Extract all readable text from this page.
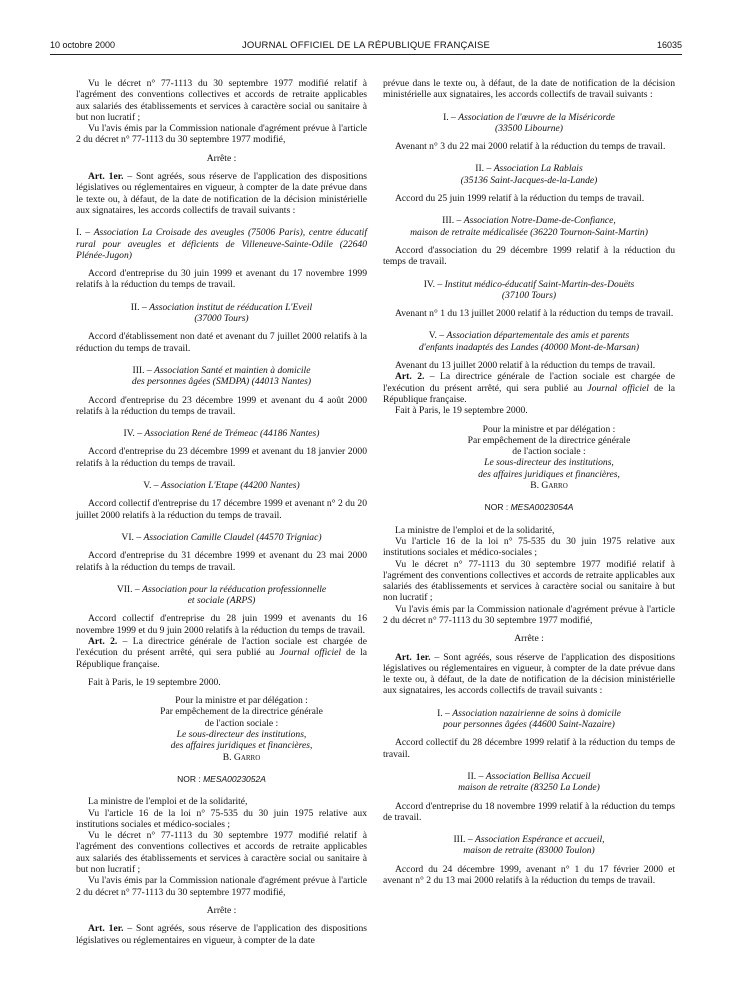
10 octobre 2000	JOURNAL OFFICIEL DE LA RÉPUBLIQUE FRANÇAISE	16035

Vu le décret n° 77-1113 du 30 septembre 1977 modifié relatif à l'agrément des conventions collectives et accords de retraite applicables aux salariés des établissements et services à caractère social ou sanitaire à but non lucratif ;

Vu l'avis émis par la Commission nationale d'agrément prévue à l'article 2 du décret n° 77-1113 du 30 septembre 1977 modifié,

Arrête :

Art. 1er. – Sont agréés, sous réserve de l'application des dispositions législatives ou réglementaires en vigueur, à compter de la date prévue dans le texte ou, à défaut, de la date de notification de la décision ministérielle aux signataires, les accords collectifs de travail suivants :

I. – Association La Croisade des aveugles (75006 Paris), centre éducatif rural pour aveugles et déficients de Villeneuve-Sainte-Odile (22640 Plénée-Jugon)

Accord d'entreprise du 30 juin 1999 et avenant du 17 novembre 1999 relatifs à la réduction du temps de travail.

II. – Association institut de rééducation L'Eveil
(37000 Tours)

Accord d'établissement non daté et avenant du 7 juillet 2000 relatifs à la réduction du temps de travail.

III. – Association Santé et maintien à domicile
des personnes âgées (SMDPA) (44013 Nantes)

Accord d'entreprise du 23 décembre 1999 et avenant du 4 août 2000 relatifs à la réduction du temps de travail.

IV. – Association René de Trémeac (44186 Nantes)

Accord d'entreprise du 23 décembre 1999 et avenant du 18 janvier 2000 relatifs à la réduction du temps de travail.

V. – Association L'Etape (44200 Nantes)

Accord collectif d'entreprise du 17 décembre 1999 et avenant n° 2 du 20 juillet 2000 relatifs à la réduction du temps de travail.

VI. – Association Camille Claudel (44570 Trigniac)

Accord d'entreprise du 31 décembre 1999 et avenant du 23 mai 2000 relatifs à la réduction du temps de travail.

VII. – Association pour la rééducation professionnelle
et sociale (ARPS)

Accord collectif d'entreprise du 28 juin 1999 et avenants du 16 novembre 1999 et du 9 juin 2000 relatifs à la réduction du temps de travail.

Art. 2. – La directrice générale de l'action sociale est chargée de l'exécution du présent arrêté, qui sera publié au Journal officiel de la République française.

Fait à Paris, le 19 septembre 2000.

Pour la ministre et par délégation :

Par empêchement de la directrice générale

de l'action sociale :

Le sous-directeur des institutions,

des affaires juridiques et financières,

B. Garro

NOR : MESA0023052A

La ministre de l'emploi et de la solidarité,

Vu l'article 16 de la loi n° 75-535 du 30 juin 1975 relative aux institutions sociales et médico-sociales ;

Vu le décret n° 77-1113 du 30 septembre 1977 modifié relatif à l'agrément des conventions collectives et accords de retraite applicables aux salariés des établissements et services à caractère social ou sanitaire à but non lucratif ;

Vu l'avis émis par la Commission nationale d'agrément prévue à l'article 2 du décret n° 77-1113 du 30 septembre 1977 modifié,

Arrête :

Art. 1er. – Sont agréés, sous réserve de l'application des dispositions législatives ou réglementaires en vigueur, à compter de la date

prévue dans le texte ou, à défaut, de la date de notification de la décision ministérielle aux signataires, les accords collectifs de travail suivants :

I. – Association de l'œuvre de la Miséricorde
(33500 Libourne)

Avenant n° 3 du 22 mai 2000 relatif à la réduction du temps de travail.

II. – Association La Rablais
(35136 Saint-Jacques-de-la-Lande)

Accord du 25 juin 1999 relatif à la réduction du temps de travail.

III. – Association Notre-Dame-de-Confiance,
maison de retraite médicalisée (36220 Tournon-Saint-Martin)

Accord d'association du 29 décembre 1999 relatif à la réduction du temps de travail.

IV. – Institut médico-éducatif Saint-Martin-des-Douëts
(37100 Tours)

Avenant n° 1 du 13 juillet 2000 relatif à la réduction du temps de travail.

V. – Association départementale des amis et parents
d'enfants inadaptés des Landes (40000 Mont-de-Marsan)

Avenant du 13 juillet 2000 relatif à la réduction du temps de travail.

Art. 2. – La directrice générale de l'action sociale est chargée de l'exécution du présent arrêté, qui sera publié au Journal officiel de la République française.

Fait à Paris, le 19 septembre 2000.

Pour la ministre et par délégation :

Par empêchement de la directrice générale

de l'action sociale :

Le sous-directeur des institutions,

des affaires juridiques et financières,

B. Garro

NOR : MESA0023054A

La ministre de l'emploi et de la solidarité,

Vu l'article 16 de la loi n° 75-535 du 30 juin 1975 relative aux institutions sociales et médico-sociales ;

Vu le décret n° 77-1113 du 30 septembre 1977 modifié relatif à l'agrément des conventions collectives et accords de retraite applicables aux salariés des établissements et services à caractère social ou sanitaire à but non lucratif ;

Vu l'avis émis par la Commission nationale d'agrément prévue à l'article 2 du décret n° 77-1113 du 30 septembre 1977 modifié,

Arrête :

Art. 1er. – Sont agréés, sous réserve de l'application des dispositions législatives ou réglementaires en vigueur, à compter de la date prévue dans le texte ou, à défaut, de la date de notification de la décision ministérielle aux signataires, les accords collectifs de travail suivants :

I. – Association nazairienne de soins à domicile
pour personnes âgées (44600 Saint-Nazaire)

Accord collectif du 28 décembre 1999 relatif à la réduction du temps de travail.

II. – Association Bellisa Accueil
maison de retraite (83250 La Londe)

Accord d'entreprise du 18 novembre 1999 relatif à la réduction du temps de travail.

III. – Association Espérance et accueil,
maison de retraite (83000 Toulon)

Accord du 24 décembre 1999, avenant n° 1 du 17 février 2000 et avenant n° 2 du 13 mai 2000 relatifs à la réduction du temps de travail.
